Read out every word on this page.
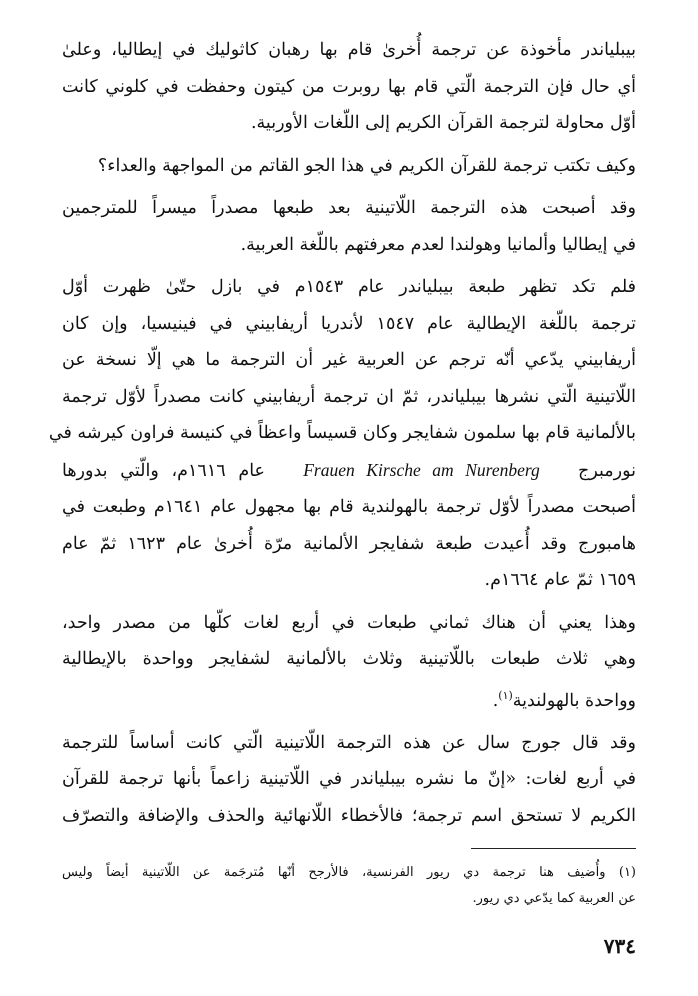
بيبلياندر مأخوذة عن ترجمة أُخرىٰ قام بها رهبان كاثوليك في إيطاليا، وعلىٰ
أي حال فإن الترجمة الّتي قام بها روبرت من كيتون وحفظت في كلوني كانت
أوّل محاولة لترجمة القرآن الكريم إلى اللّغات الأوربية.

وكيف تكتب ترجمة للقرآن الكريم في هذا الجو القاتم من المواجهة والعداء؟

وقد أصبحت هذه الترجمة اللّاتينية بعد طبعها مصدراً ميسراً للمترجمين
في إيطاليا وألمانيا وهولندا لعدم معرفتهم باللّغة العربية.

فلم تكد تظهر طبعة بيبلياندر عام ١٥٤٣م في بازل حتّىٰ ظهرت أوّل
ترجمة باللّغة الإيطالية عام ١٥٤٧ لأندريا أريفابيني في فينيسيا، وإن كان
أريفابيني يدّعي أنّه ترجم عن العربية غير أن الترجمة ما هي إلّا نسخة عن
اللّاتينية الّتي نشرها بيبلياندر، ثمّ ان ترجمة أريفابيني كانت مصدراً لأوّل ترجمة
بالألمانية قام بها سلمون شفايجر وكان قسيساً واعظاً في كنيسة فراون كيرشه في
نورمبرج   Frauen Kirsche am Nurenberg   عام ١٦١٦م، والّتي بدورها
أصبحت مصدراً لأوّل ترجمة بالهولندية قام بها مجهول عام ١٦٤١م وطبعت في
هامبورج وقد أُعيدت طبعة شفايجر الألمانية مرّة أُخرىٰ عام ١٦٢٣ ثمّ عام
١٦٥٩ ثمّ عام ١٦٦٤م.

وهذا يعني أن هناك ثماني طبعات في أربع لغات كلّها من مصدر واحد،
وهي ثلاث طبعات باللّاتينية وثلاث بالألمانية لشفايجر وواحدة بالإيطالية
وواحدة بالهولندية$^{(١)}$.

وقد قال جورج سال عن هذه الترجمة اللّاتينية الّتي كانت أساساً للترجمة
في أربع لغات: «إنّ ما نشره بيبلياندر في اللّاتينية زاعماً بأنها ترجمة للقرآن
الكريم لا تستحق اسم ترجمة؛ فالأخطاء اللّانهائية والحذف والإضافة والتصرّف

(١) وأُضيف هنا ترجمة دي ريور الفرنسية، فالأرجح أنّها مُترجَمة عن اللّاتينية أيضاً وليس
عن العربية كما يدّعي دي ريور.
٧٣٤
